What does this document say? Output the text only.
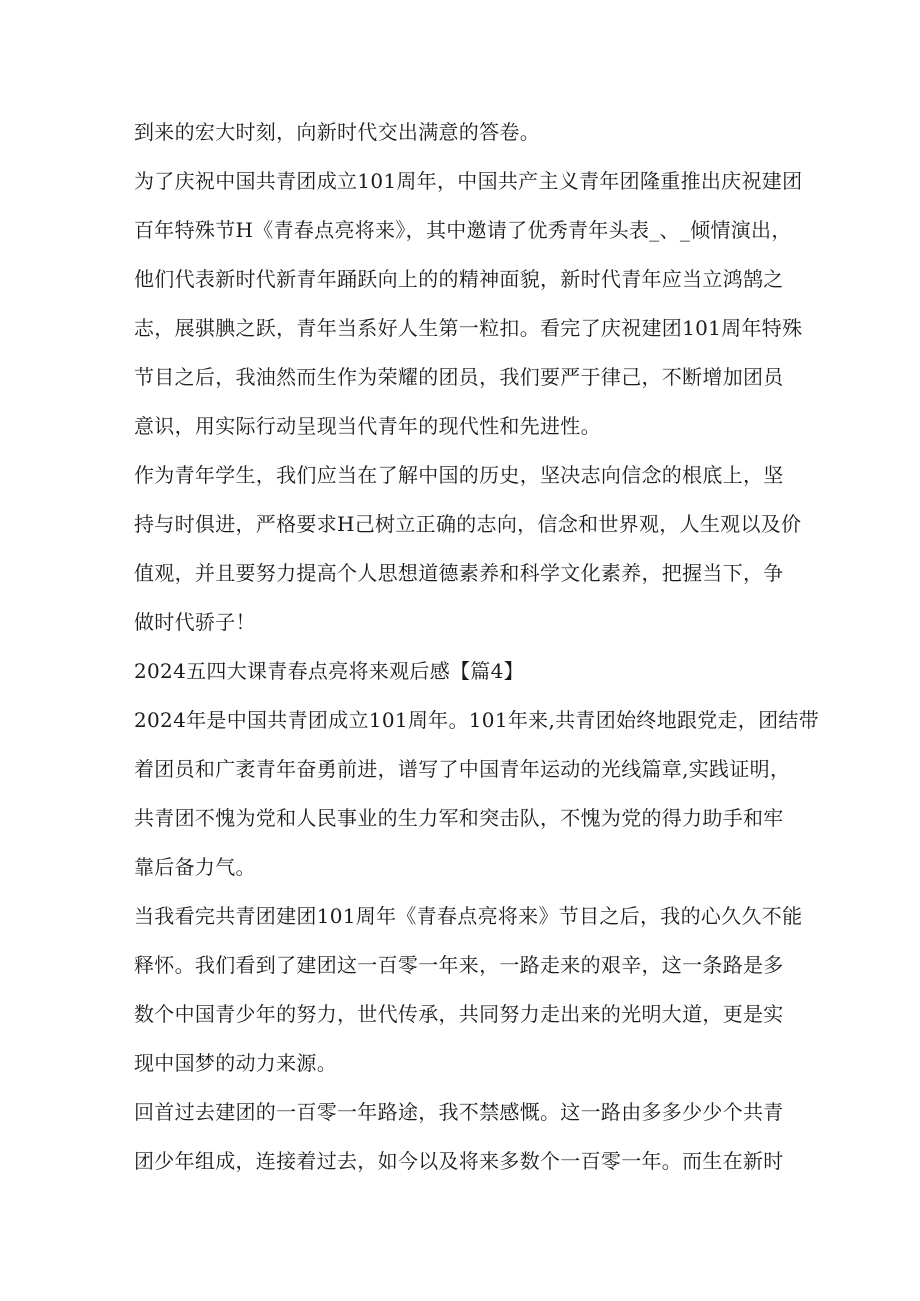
到来的宏大时刻，向新时代交出满意的答卷。
为了庆祝中国共青团成立101周年，中国共产主义青年团隆重推出庆祝建团
百年特殊节H《青春点亮将来》，其中邀请了优秀青年头表_、_倾情演出，
他们代表新时代新青年踊跃向上的的精神面貌，新时代青年应当立鸿鹄之
志，展骐腆之跃，青年当系好人生第一粒扣。看完了庆祝建团101周年特殊
节目之后，我油然而生作为荣耀的团员，我们要严于律己，不断增加团员
意识，用实际行动呈现当代青年的现代性和先进性。
作为青年学生，我们应当在了解中国的历史，坚决志向信念的根底上，坚
持与时俱进，严格要求H己树立正确的志向，信念和世界观，人生观以及价
值观，并且要努力提高个人思想道德素养和科学文化素养，把握当下，争
做时代骄子！
2024五四大课青春点亮将来观后感【篇4】
2024年是中国共青团成立101周年。101年来,共青团始终地跟党走，团结带
着团员和广袤青年奋勇前进，谱写了中国青年运动的光线篇章,实践证明，
共青团不愧为党和人民事业的生力军和突击队，不愧为党的得力助手和牢
靠后备力气。
当我看完共青团建团101周年《青春点亮将来》节目之后，我的心久久不能
释怀。我们看到了建团这一百零一年来，一路走来的艰辛，这一条路是多
数个中国青少年的努力，世代传承，共同努力走出来的光明大道，更是实
现中国梦的动力来源。
回首过去建团的一百零一年路途，我不禁感慨。这一路由多多少少个共青
团少年组成，连接着过去，如今以及将来多数个一百零一年。而生在新时
